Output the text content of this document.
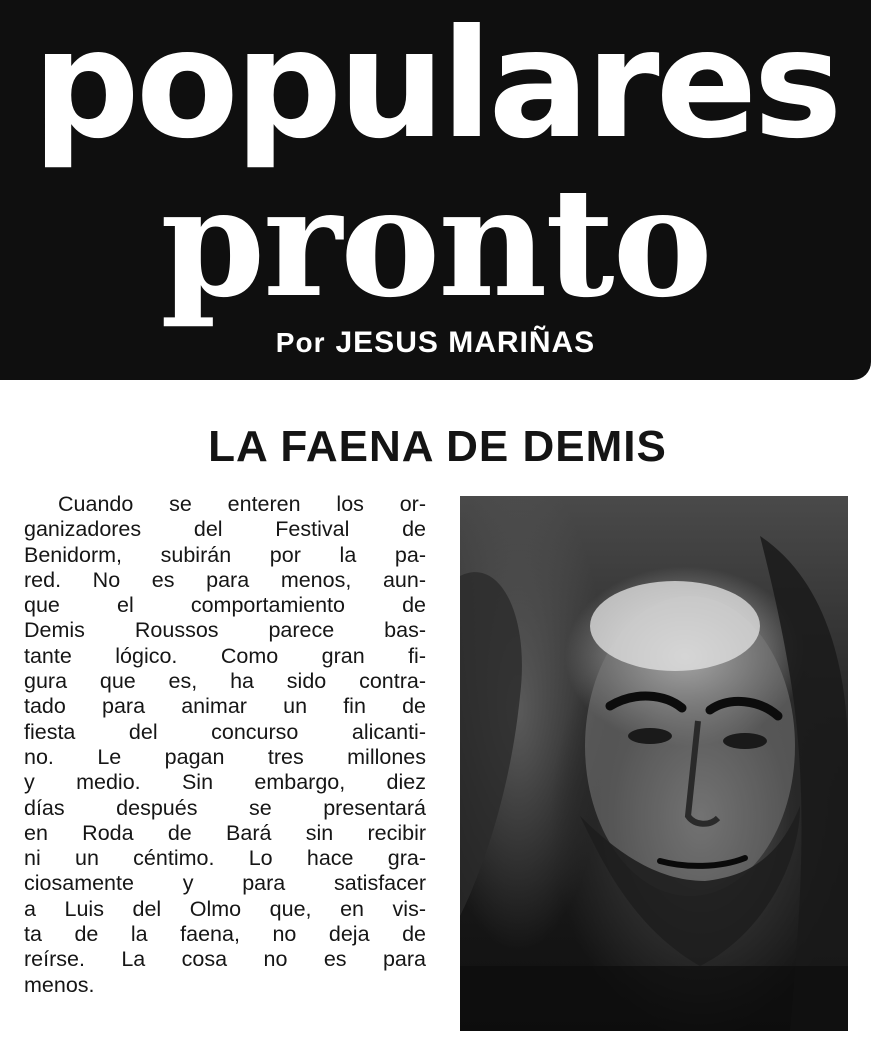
populares
pronto
Por JESUS MARIÑAS
LA FAENA DE DEMIS
Cuando se enteren los or-
ganizadores del Festival de
Benidorm, subirán por la pa-
red. No es para menos, aun-
que el comportamiento de
Demis Roussos parece bas-
tante lógico. Como gran fi-
gura que es, ha sido contra-
tado para animar un fin de
fiesta del concurso alicanti-
no. Le pagan tres millones
y medio. Sin embargo, diez
días después se presentará
en Roda de Bará sin recibir
ni un céntimo. Lo hace gra-
ciosamente y para satisfacer
a Luis del Olmo que, en vis-
ta de la faena, no deja de
reírse. La cosa no es para
menos.
